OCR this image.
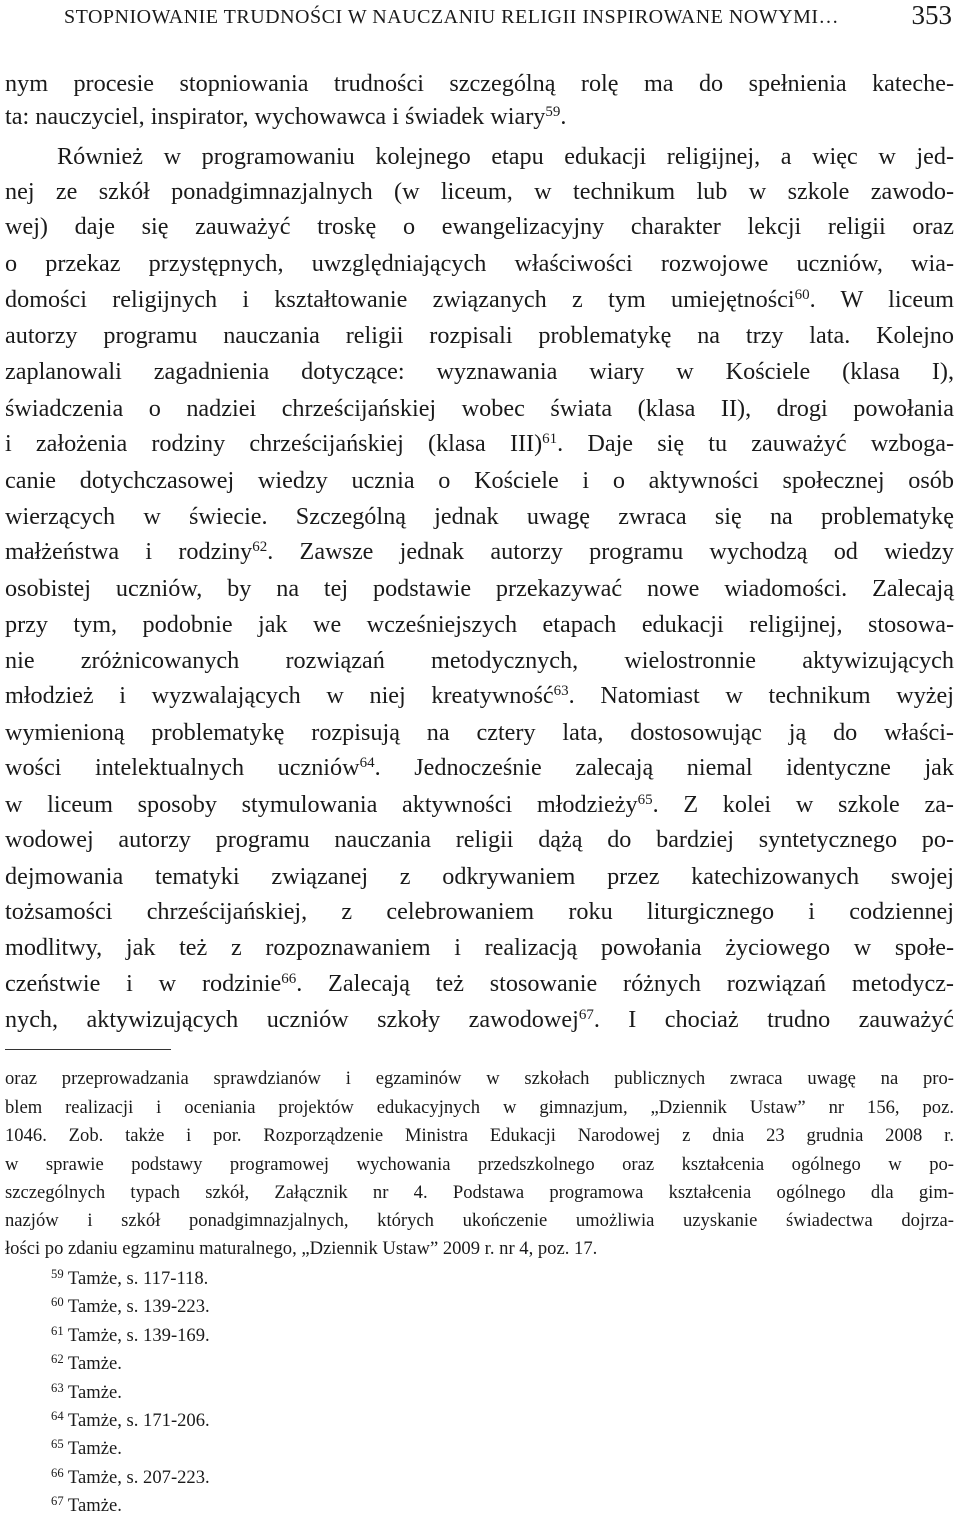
STOPNIOWANIE TRUDNOŚCI W NAUCZANIU RELIGII INSPIROWANE NOWYMI…	353
nym procesie stopniowania trudności szczególną rolę ma do spełnienia kateche-
ta: nauczyciel, inspirator, wychowawca i świadek wiary$^{59}$.
Również w programowaniu kolejnego etapu edukacji religijnej, a więc w jed-
nej ze szkół ponadgimnazjalnych (w liceum, w technikum lub w szkole zawodo-
wej) daje się zauważyć troskę o ewangelizacyjny charakter lekcji religii oraz
o przekaz przystępnych, uwzględniających właściwości rozwojowe uczniów, wia-
domości religijnych i kształtowanie związanych z tym umiejętności$^{60}$. W liceum
autorzy programu nauczania religii rozpisali problematykę na trzy lata. Kolejno
zaplanowali zagadnienia dotyczące: wyznawania wiary w Kościele (klasa I),
świadczenia o nadziei chrześcijańskiej wobec świata (klasa II), drogi powołania
i założenia rodziny chrześcijańskiej (klasa III)$^{61}$. Daje się tu zauważyć wzboga-
canie dotychczasowej wiedzy ucznia o Kościele i o aktywności społecznej osób
wierzących w świecie. Szczególną jednak uwagę zwraca się na problematykę
małżeństwa i rodziny$^{62}$. Zawsze jednak autorzy programu wychodzą od wiedzy
osobistej uczniów, by na tej podstawie przekazywać nowe wiadomości. Zalecają
przy tym, podobnie jak we wcześniejszych etapach edukacji religijnej, stosowa-
nie zróżnicowanych rozwiązań metodycznych, wielostronnie aktywizujących
młodzież i wyzwalających w niej kreatywność$^{63}$. Natomiast w technikum wyżej
wymienioną problematykę rozpisują na cztery lata, dostosowując ją do właści-
wości intelektualnych uczniów$^{64}$. Jednocześnie zalecają niemal identyczne jak
w liceum sposoby stymulowania aktywności młodzieży$^{65}$. Z kolei w szkole za-
wodowej autorzy programu nauczania religii dążą do bardziej syntetycznego po-
dejmowania tematyki związanej z odkrywaniem przez katechizowanych swojej
tożsamości chrześcijańskiej, z celebrowaniem roku liturgicznego i codziennej
modlitwy, jak też z rozpoznawaniem i realizacją powołania życiowego w społe-
czeństwie i w rodzinie$^{66}$. Zalecają też stosowanie różnych rozwiązań metodycz-
nych, aktywizujących uczniów szkoły zawodowej$^{67}$. I chociaż trudno zauważyć
oraz przeprowadzania sprawdzianów i egzaminów w szkołach publicznych zwraca uwagę na pro-
blem realizacji i oceniania projektów edukacyjnych w gimnazjum, „Dziennik Ustaw” nr 156, poz.
1046. Zob. także i por. Rozporządzenie Ministra Edukacji Narodowej z dnia 23 grudnia 2008 r.
w sprawie podstawy programowej wychowania przedszkolnego oraz kształcenia ogólnego w po-
szczególnych typach szkół, Załącznik nr 4. Podstawa programowa kształcenia ogólnego dla gim-
nazjów i szkół ponadgimnazjalnych, których ukończenie umożliwia uzyskanie świadectwa dojrza-
łości po zdaniu egzaminu maturalnego, „Dziennik Ustaw” 2009 r. nr 4, poz. 17.
$^{59}$ Tamże, s. 117-118.
$^{60}$ Tamże, s. 139-223.
$^{61}$ Tamże, s. 139-169.
$^{62}$ Tamże.
$^{63}$ Tamże.
$^{64}$ Tamże, s. 171-206.
$^{65}$ Tamże.
$^{66}$ Tamże, s. 207-223.
$^{67}$ Tamże.
